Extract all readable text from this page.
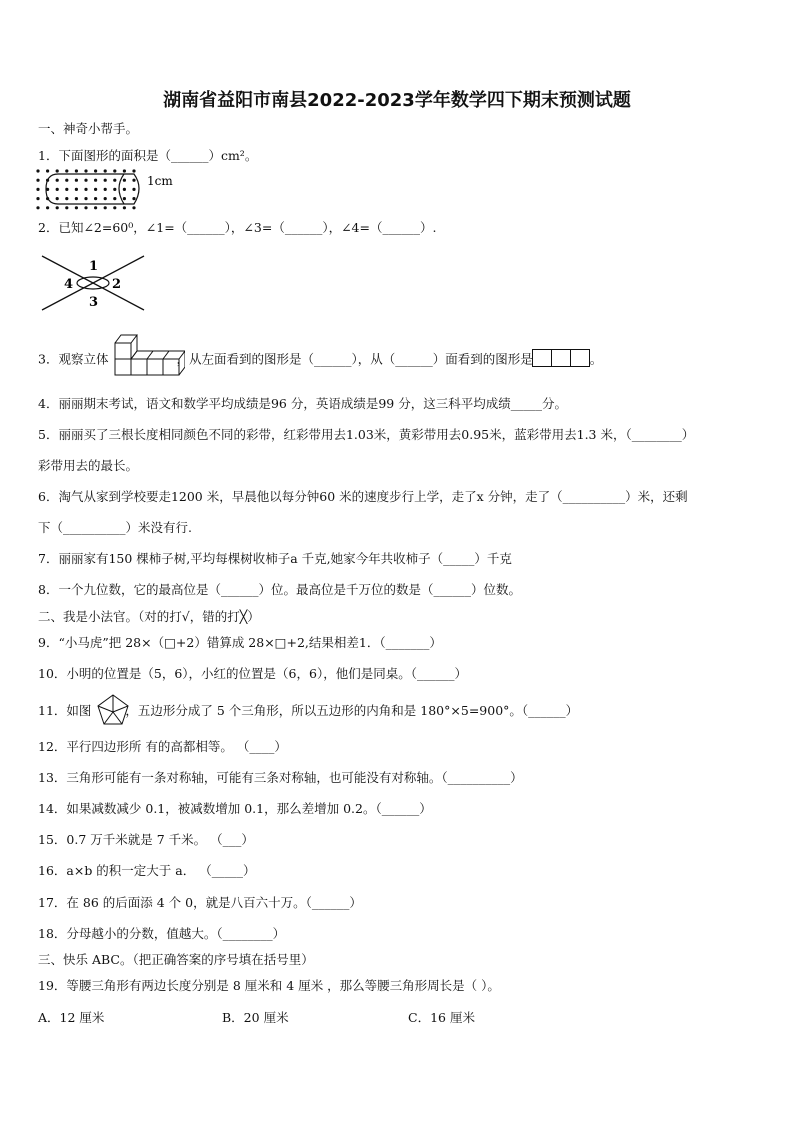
湖南省益阳市南县2022-2023学年数学四下期末预测试题
一、神奇小帮手。
1．下面图形的面积是（______）cm²。
1cm
2．已知∠2=60⁰，∠1=（______），∠3=（______），∠4=（______）.
1
2
3
4
3．观察立体	，从左面看到的图形是（______），从（______）面看到的图形是	。
4．丽丽期末考试，语文和数学平均成绩是96 分，英语成绩是99 分，这三科平均成绩_____分。
5．丽丽买了三根长度相同颜色不同的彩带，红彩带用去1.03米，黄彩带用去0.95米，蓝彩带用去1.3 米，（________）
彩带用去的最长。
6．淘气从家到学校要走1200 米，早晨他以每分钟60 米的速度步行上学，走了x 分钟，走了（__________）米，还剩
下（__________）米没有行.
7．丽丽家有150 棵柿子树,平均每棵树收柿子a 千克,她家今年共收柿子（_____）千克
8．一个九位数，它的最高位是（______）位。最高位是千万位的数是（______）位数。
二、我是小法官。（对的打√，错的打╳）
9．“小马虎”把 28×（□+2）错算成 28×□+2,结果相差1．（_______）
10．小明的位置是（5，6），小红的位置是（6，6），他们是同桌。（______）
11．如图	，五边形分成了 5 个三角形，所以五边形的内角和是 180°×5=900°。（______）
12．平行四边形所 有的高都相等。 （____）
13．三角形可能有一条对称轴，可能有三条对称轴，也可能没有对称轴。（__________）
14．如果减数减少 0.1，被减数增加 0.1，那么差增加 0.2。（______）
15．0.7 万千米就是 7 千米。 （___）
16．a×b 的积一定大于 a． （_____）
17．在 86 的后面添 4 个 0，就是八百六十万。（______）
18．分母越小的分数，值越大。（________）
三、快乐 ABC。（把正确答案的序号填在括号里）
19．等腰三角形有两边长度分别是 8 厘米和 4 厘米 ，那么等腰三角形周长是（ ）。
A．12 厘米	B．20 厘米	C．16 厘米
